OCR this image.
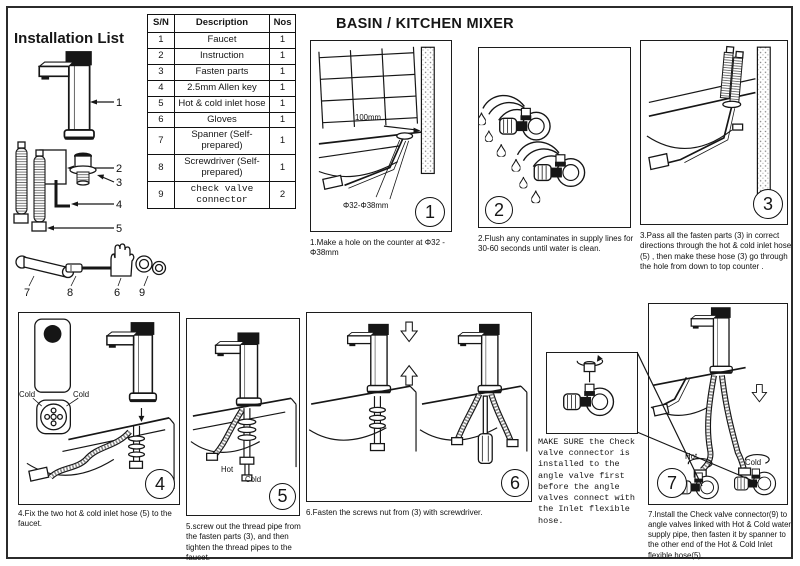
Installation List
BASIN / KITCHEN MIXER
1
2
3
4
5
7	8	6 9
S/N	Description	Nos
1	Faucet	1
2	Instruction	1
3	Fasten parts	1
4	2.5mm Allen key	1
5	Hot & cold inlet hose	1
6	Gloves	1
7	Spanner (Self-prepared)	1
8	Screwdriver (Self-prepared)	1
9	check valve connector	2
100mm
Φ32-Φ38mm	1
1.Make a hole on the counter at Φ32 - Φ38mm
2
2.Flush any contaminates in supply lines for 30-60 seconds until water is clean.
3
3.Pass all the fasten parts (3) in correct directions through the hot & cold inlet hose (5) , then make these hose (3) go through the hole from down to top counter .
Cold	Cold
4
4.Fix the two hot & cold inlet hose (5) to the faucet.
Hot
Cold
5
5.screw out the thread pipe from the fasten parts (3), and then tighten the thread pipes to the faucet.
6
6.Fasten the screws nut from (3) with screwdriver.
MAKE SURE the Check valve connector is installed to the angle valve first before the angle valves connect with the Inlet flexible hose.
Hot
Cold
7
7.Install the Check valve connector(9) to angle valves linked with Hot & Cold water supply pipe, then fasten it by spanner to the other end of the Hot & Cold Inlet flexible hose(5).
